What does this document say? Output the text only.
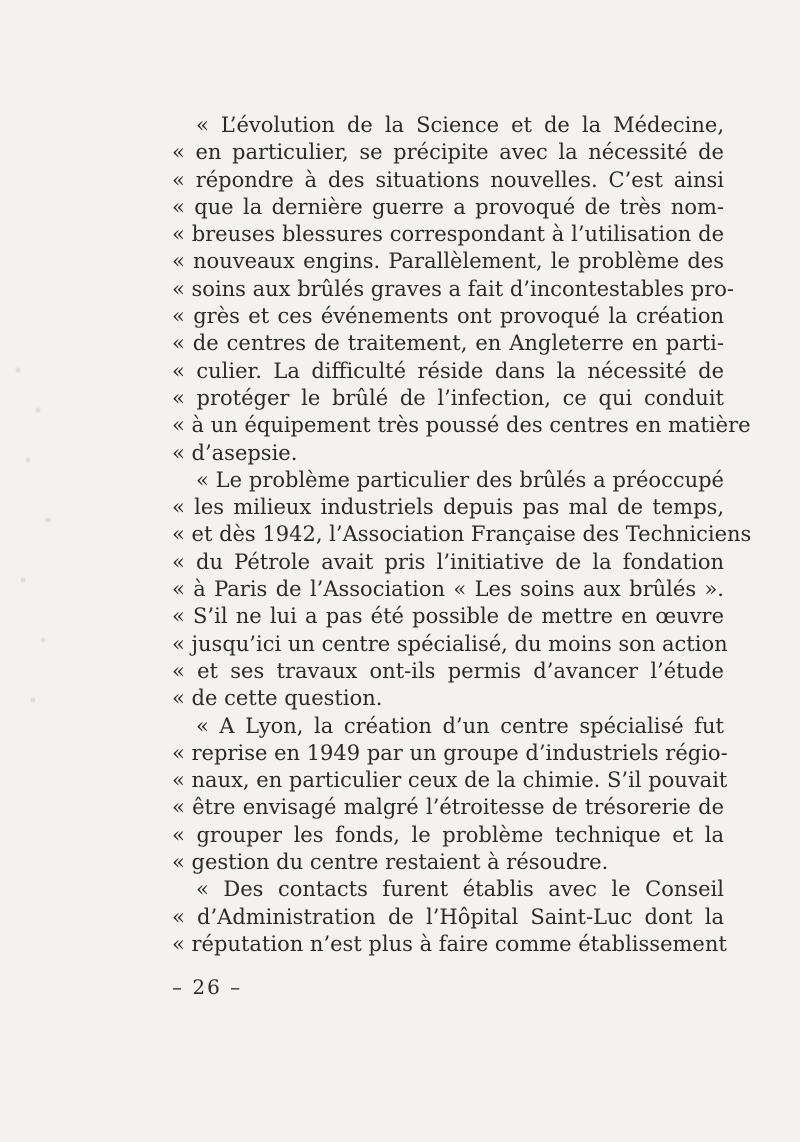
« L’évolution de la Science et de la Médecine,
« en particulier, se précipite avec la nécessité de
« répondre à des situations nouvelles. C’est ainsi
« que la dernière guerre a provoqué de très nom-
« breuses blessures correspondant à l’utilisation de
« nouveaux engins. Parallèlement, le problème des
« soins aux brûlés graves a fait d’incontestables pro-
« grès et ces événements ont provoqué la création
« de centres de traitement, en Angleterre en parti-
« culier. La difficulté réside dans la nécessité de
« protéger le brûlé de l’infection, ce qui conduit
« à un équipement très poussé des centres en matière
« d’asepsie.
« Le problème particulier des brûlés a préoccupé
« les milieux industriels depuis pas mal de temps,
« et dès 1942, l’Association Française des Techniciens
« du Pétrole avait pris l’initiative de la fondation
« à Paris de l’Association « Les soins aux brûlés ».
« S’il ne lui a pas été possible de mettre en œuvre
« jusqu’ici un centre spécialisé, du moins son action
« et ses travaux ont-ils permis d’avancer l’étude
« de cette question.
« A Lyon, la création d’un centre spécialisé fut
« reprise en 1949 par un groupe d’industriels régio-
« naux, en particulier ceux de la chimie. S’il pouvait
« être envisagé malgré l’étroitesse de trésorerie de
« grouper les fonds, le problème technique et la
« gestion du centre restaient à résoudre.
« Des contacts furent établis avec le Conseil
« d’Administration de l’Hôpital Saint-Luc dont la
« réputation n’est plus à faire comme établissement
– 26 –
